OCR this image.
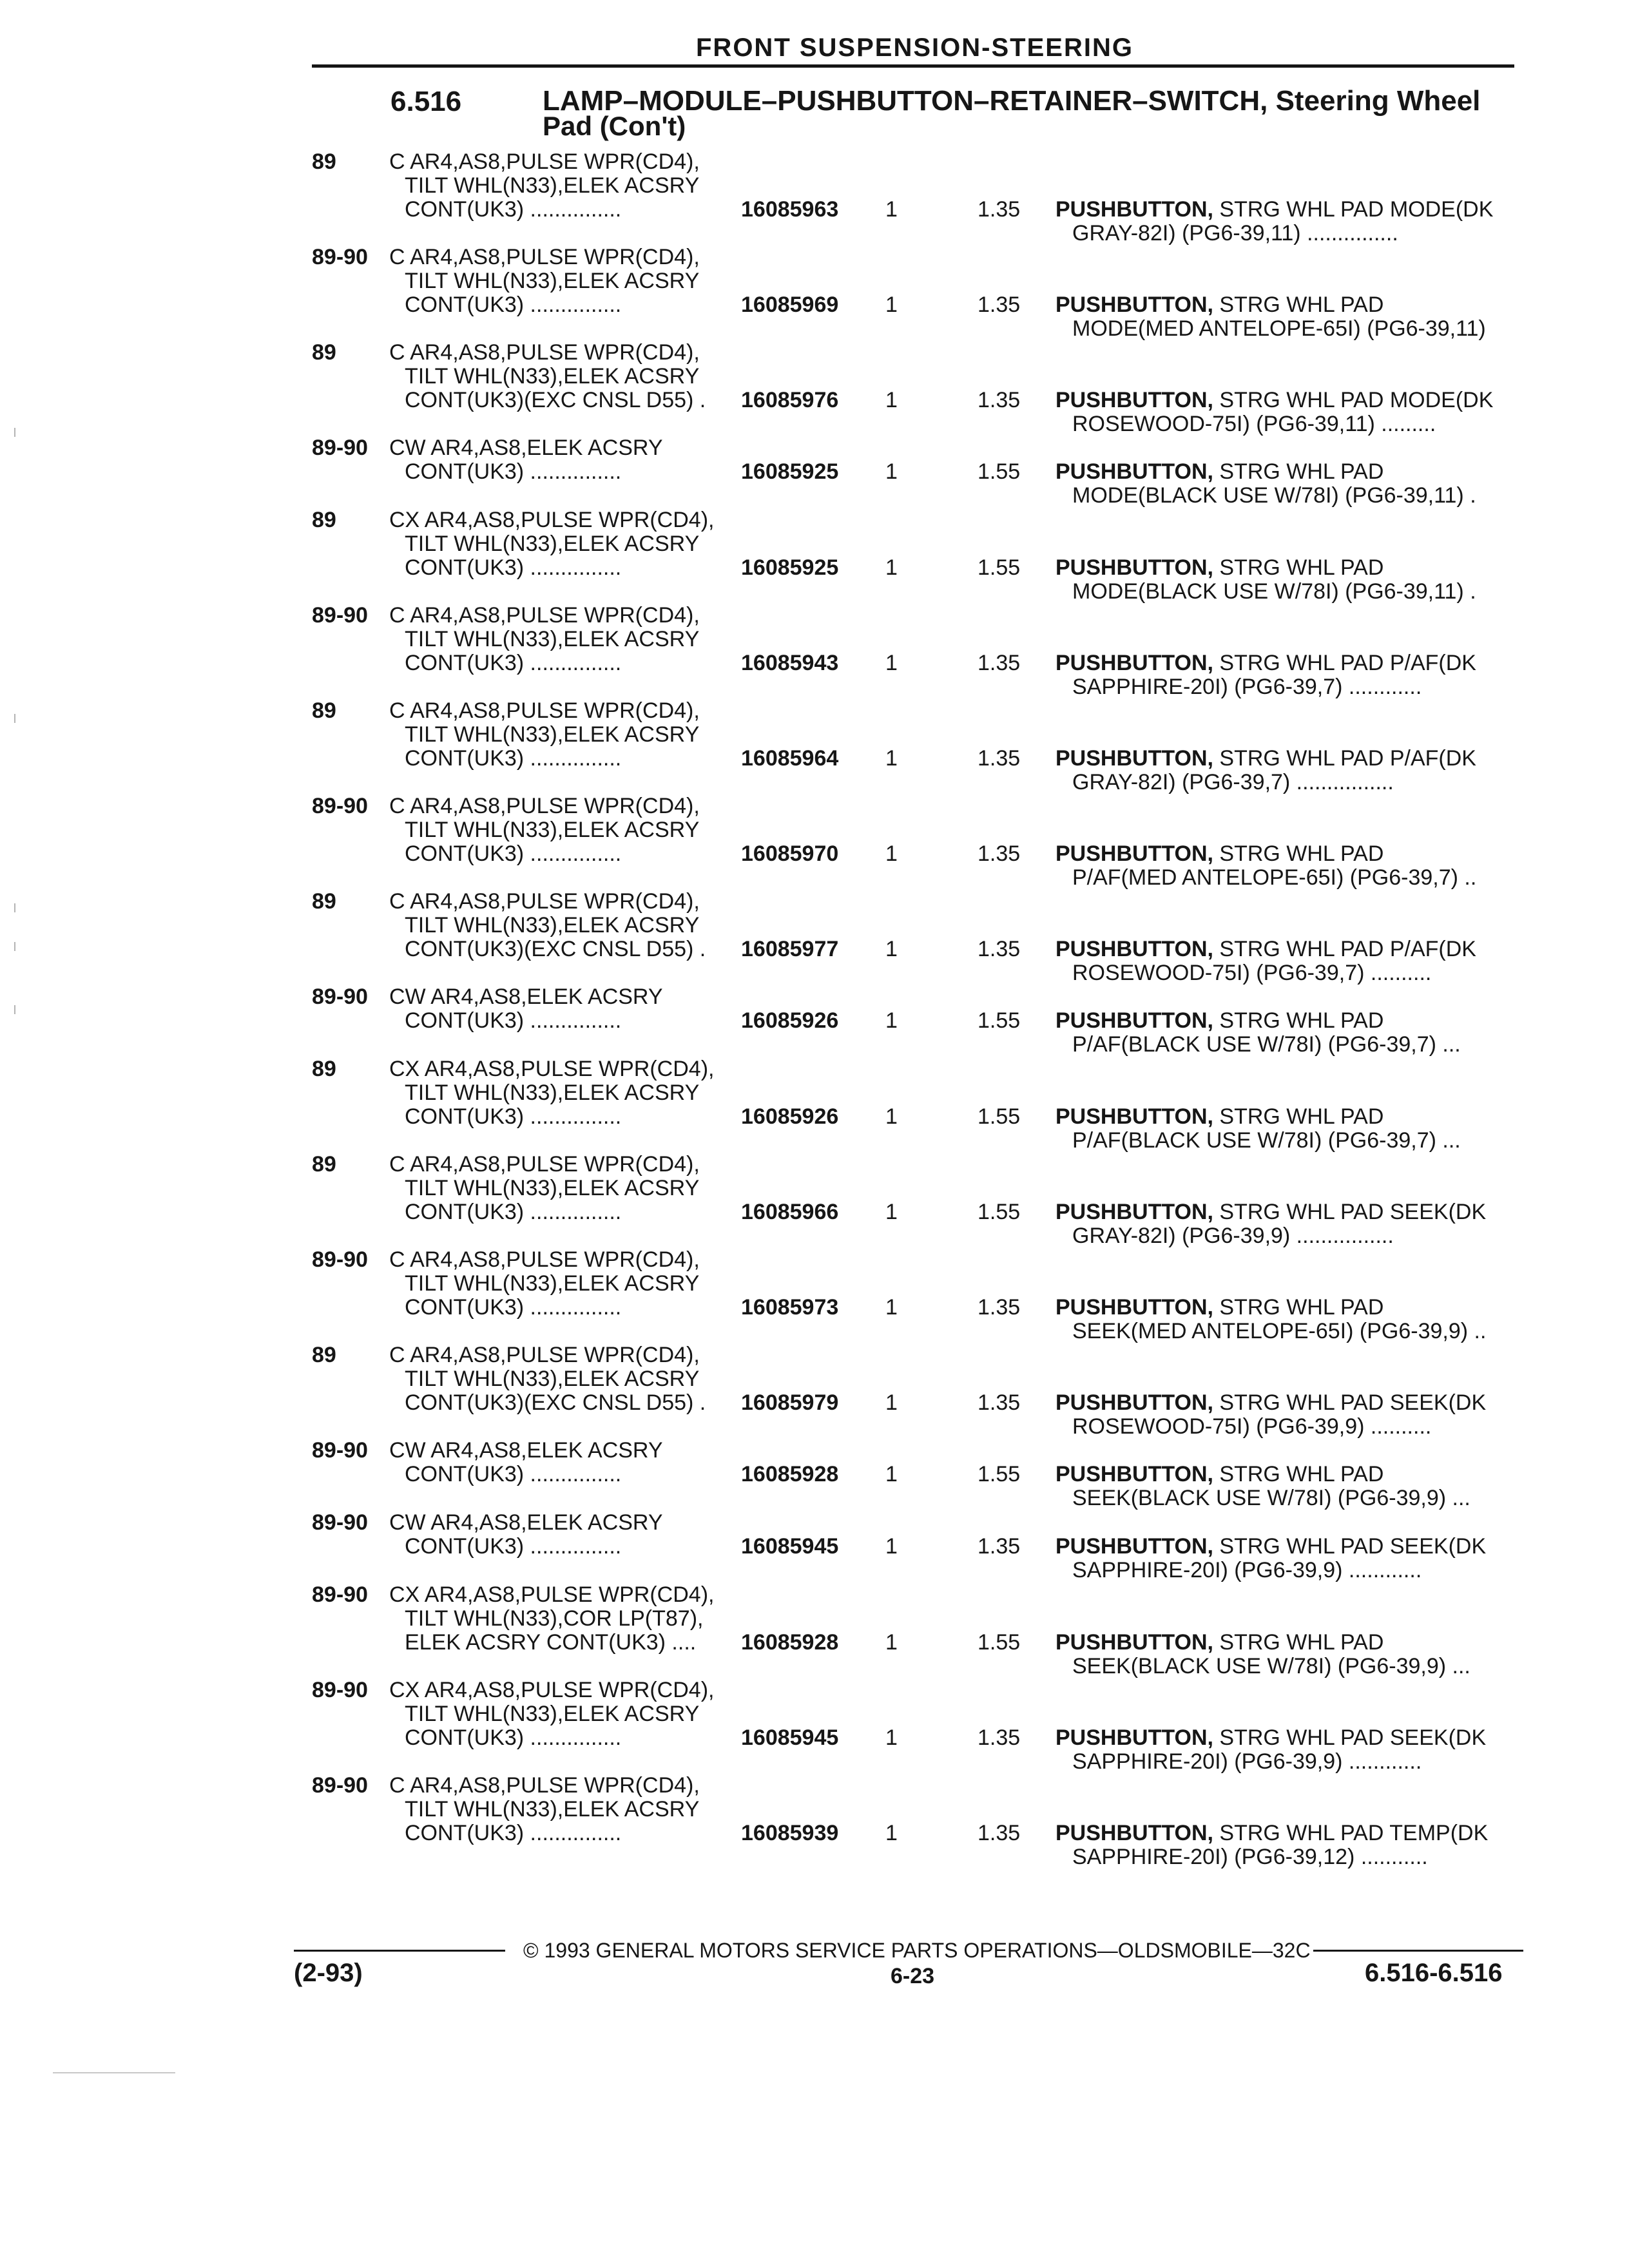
FRONT SUSPENSION-STEERING
6.516	LAMP–MODULE–PUSHBUTTON–RETAINER–SWITCH, Steering Wheel
Pad (Con't)
89 C AR4,AS8,PULSE WPR(CD4),
TILT WHL(N33),ELEK ACSRY
CONT(UK3) ...............	16085963 1	1.35 PUSHBUTTON, STRG WHL PAD MODE(DK
GRAY-82I) (PG6-39,11) ...............
89-90 C AR4,AS8,PULSE WPR(CD4),
TILT WHL(N33),ELEK ACSRY
CONT(UK3) ...............	16085969 1	1.35 PUSHBUTTON, STRG WHL PAD
MODE(MED ANTELOPE-65I) (PG6-39,11)
89 C AR4,AS8,PULSE WPR(CD4),
TILT WHL(N33),ELEK ACSRY
CONT(UK3)(EXC CNSL D55) . 16085976 1	1.35 PUSHBUTTON, STRG WHL PAD MODE(DK
ROSEWOOD-75I) (PG6-39,11) .........
89-90 CW AR4,AS8,ELEK ACSRY
CONT(UK3) ...............	16085925 1	1.55 PUSHBUTTON, STRG WHL PAD
MODE(BLACK USE W/78I) (PG6-39,11) .
89 CX AR4,AS8,PULSE WPR(CD4),
TILT WHL(N33),ELEK ACSRY
CONT(UK3) ...............	16085925 1	1.55 PUSHBUTTON, STRG WHL PAD
MODE(BLACK USE W/78I) (PG6-39,11) .
89-90 C AR4,AS8,PULSE WPR(CD4),
TILT WHL(N33),ELEK ACSRY
CONT(UK3) ...............	16085943 1	1.35 PUSHBUTTON, STRG WHL PAD P/AF(DK
SAPPHIRE-20I) (PG6-39,7) ............
89 C AR4,AS8,PULSE WPR(CD4),
TILT WHL(N33),ELEK ACSRY
CONT(UK3) ...............	16085964 1	1.35 PUSHBUTTON, STRG WHL PAD P/AF(DK
GRAY-82I) (PG6-39,7) ................
89-90 C AR4,AS8,PULSE WPR(CD4),
TILT WHL(N33),ELEK ACSRY
CONT(UK3) ...............	16085970 1	1.35 PUSHBUTTON, STRG WHL PAD
P/AF(MED ANTELOPE-65I) (PG6-39,7) ..
89 C AR4,AS8,PULSE WPR(CD4),
TILT WHL(N33),ELEK ACSRY
CONT(UK3)(EXC CNSL D55) . 16085977 1	1.35 PUSHBUTTON, STRG WHL PAD P/AF(DK
ROSEWOOD-75I) (PG6-39,7) ..........
89-90 CW AR4,AS8,ELEK ACSRY
CONT(UK3) ...............	16085926 1	1.55 PUSHBUTTON, STRG WHL PAD
P/AF(BLACK USE W/78I) (PG6-39,7) ...
89 CX AR4,AS8,PULSE WPR(CD4),
TILT WHL(N33),ELEK ACSRY
CONT(UK3) ...............	16085926 1	1.55 PUSHBUTTON, STRG WHL PAD
P/AF(BLACK USE W/78I) (PG6-39,7) ...
89 C AR4,AS8,PULSE WPR(CD4),
TILT WHL(N33),ELEK ACSRY
CONT(UK3) ...............	16085966 1	1.55 PUSHBUTTON, STRG WHL PAD SEEK(DK
GRAY-82I) (PG6-39,9) ................
89-90 C AR4,AS8,PULSE WPR(CD4),
TILT WHL(N33),ELEK ACSRY
CONT(UK3) ...............	16085973 1	1.35 PUSHBUTTON, STRG WHL PAD
SEEK(MED ANTELOPE-65I) (PG6-39,9) ..
89 C AR4,AS8,PULSE WPR(CD4),
TILT WHL(N33),ELEK ACSRY
CONT(UK3)(EXC CNSL D55) . 16085979 1	1.35 PUSHBUTTON, STRG WHL PAD SEEK(DK
ROSEWOOD-75I) (PG6-39,9) ..........
89-90 CW AR4,AS8,ELEK ACSRY
CONT(UK3) ...............	16085928 1	1.55 PUSHBUTTON, STRG WHL PAD
SEEK(BLACK USE W/78I) (PG6-39,9) ...
89-90 CW AR4,AS8,ELEK ACSRY
CONT(UK3) ...............	16085945 1	1.35 PUSHBUTTON, STRG WHL PAD SEEK(DK
SAPPHIRE-20I) (PG6-39,9) ............
89-90 CX AR4,AS8,PULSE WPR(CD4),
TILT WHL(N33),COR LP(T87),
ELEK ACSRY CONT(UK3) .... 16085928 1	1.55 PUSHBUTTON, STRG WHL PAD
SEEK(BLACK USE W/78I) (PG6-39,9) ...
89-90 CX AR4,AS8,PULSE WPR(CD4),
TILT WHL(N33),ELEK ACSRY
CONT(UK3) ...............	16085945 1	1.35 PUSHBUTTON, STRG WHL PAD SEEK(DK
SAPPHIRE-20I) (PG6-39,9) ............
89-90 C AR4,AS8,PULSE WPR(CD4),
TILT WHL(N33),ELEK ACSRY
CONT(UK3) ...............	16085939 1	1.35 PUSHBUTTON, STRG WHL PAD TEMP(DK
SAPPHIRE-20I) (PG6-39,12) ...........
© 1993 GENERAL MOTORS SERVICE PARTS OPERATIONS—OLDSMOBILE—32C
(2-93)	6-23	6.516-6.516
